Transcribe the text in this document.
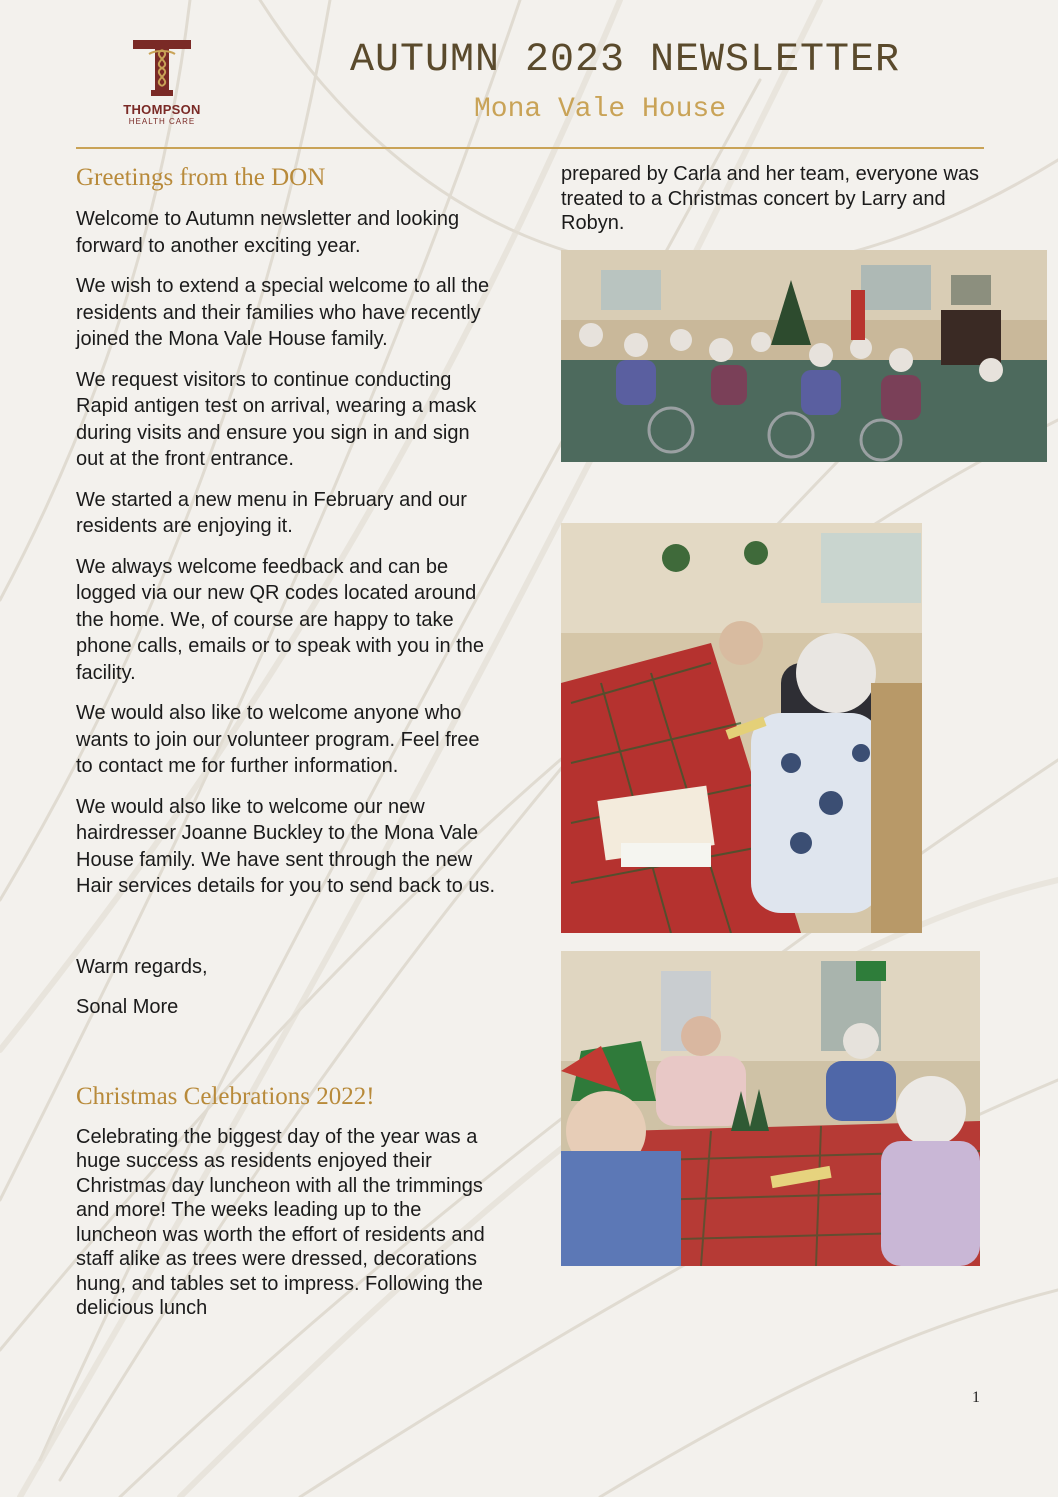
THOMPSON
HEALTH CARE
AUTUMN 2023 NEWSLETTER
Mona Vale House
Greetings from the DON

Welcome to Autumn newsletter and looking forward to another exciting year.

We wish to extend a special welcome to all the residents and their families who have recently joined the Mona Vale House family.

We request visitors to continue conducting Rapid antigen test on arrival, wearing a mask during visits and ensure you sign in and sign out at the front entrance.

We started a new menu in February and our residents are enjoying it.

We always welcome feedback and can be logged via our new QR codes located around the home. We, of course are happy to take phone calls, emails or to speak with you in the facility.

We would also like to welcome anyone who wants to join our volunteer program. Feel free to contact me for further information.

We would also like to welcome our new hairdresser Joanne Buckley to the Mona Vale House family. We have sent through the new Hair services details for you to send back to us.

Warm regards,

Sonal More

Christmas Celebrations 2022!

Celebrating the biggest day of the year was a huge success as residents enjoyed their Christmas day luncheon with all the trimmings and more! The weeks leading up to the luncheon was worth the effort of residents and staff alike as trees were dressed, decorations hung, and tables set to impress. Following the delicious lunch

prepared by Carla and her team, everyone was treated to a Christmas concert by Larry and Robyn.

1
